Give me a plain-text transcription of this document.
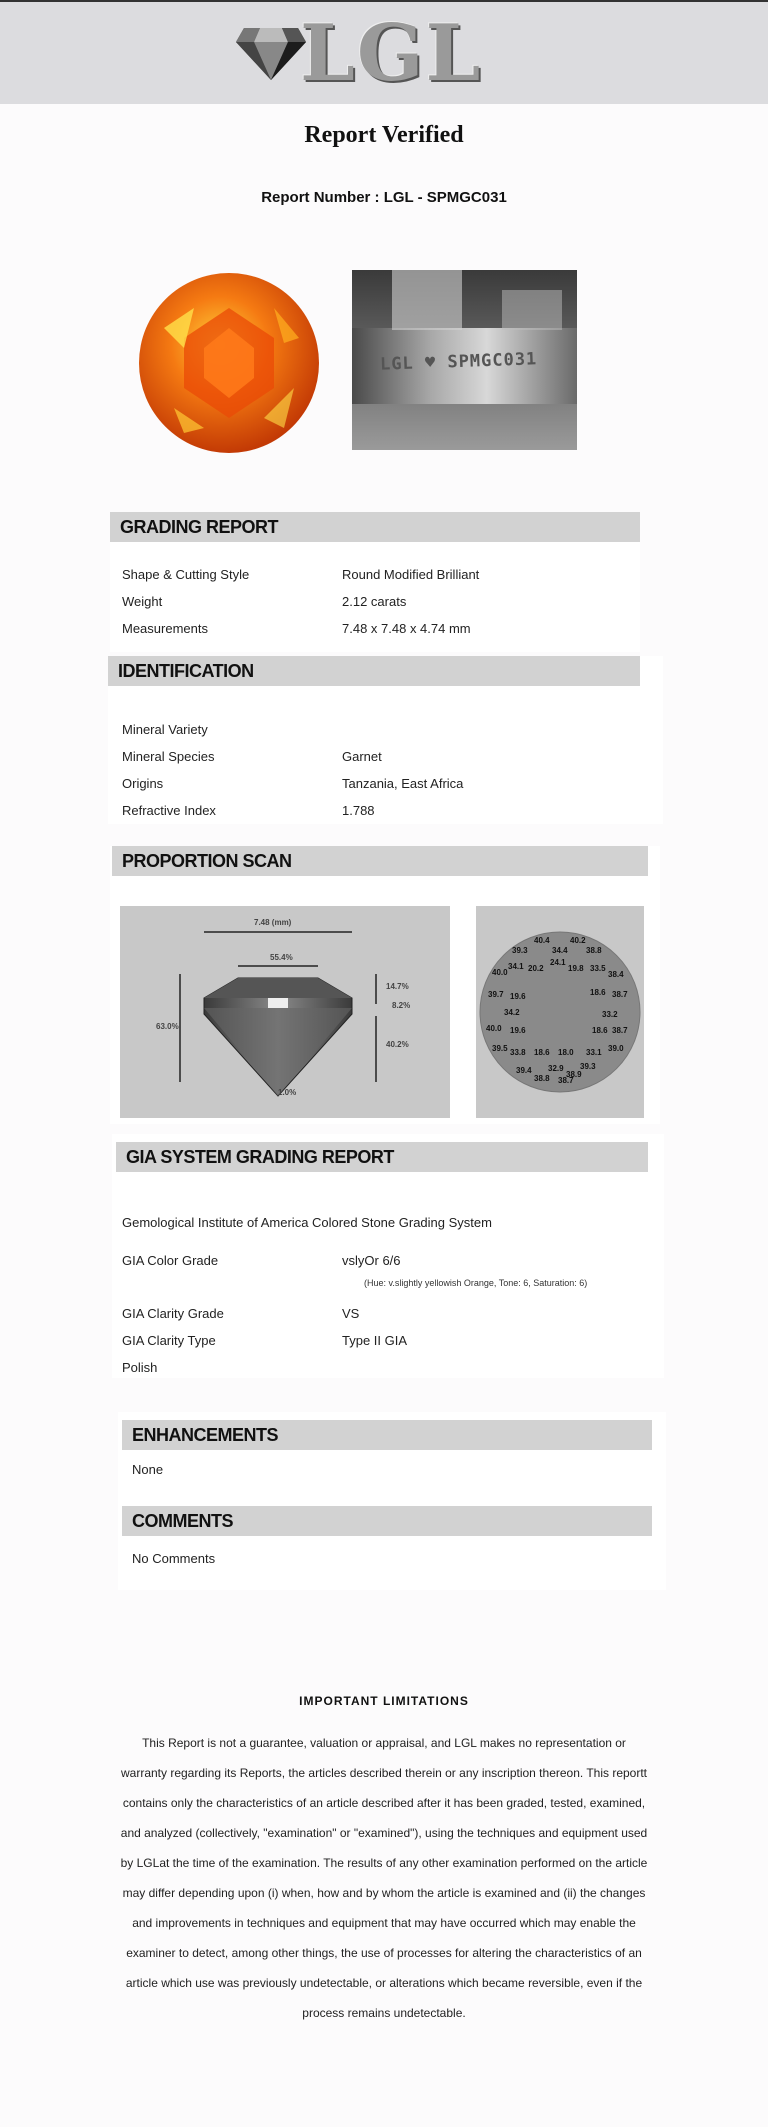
LGL
Report Verified
Report Number : LGL - SPMGC031
LGL ♥ SPMGC031
GRADING REPORT
Shape & Cutting Style	Round Modified Brilliant
Weight	2.12 carats
Measurements	7.48 x 7.48 x 4.74 mm
IDENTIFICATION
Mineral Variety
Mineral Species	Garnet
Origins	Tanzania, East Africa
Refractive Index	1.788
PROPORTION SCAN
7.48 (mm)
55.4%
63.0%
14.7%
8.2%
40.2%
1.0%
40.4	40.2
39.3	34.4 38.8
34.1 20.2
24.1
19.8 33.5
38.4
40.0
39.7 19.6	18.6 38.7
34.2	33.2
40.0 19.6	18.6 38.7
39.5 33.8 18.6 18.0 33.1 39.0
39.4 32.9 39.3
38.8 38.7
38.9
GIA SYSTEM GRADING REPORT
Gemological Institute of America Colored Stone Grading System
GIA Color Grade	vslyOr 6/6
(Hue: v.slightly yellowish Orange, Tone: 6, Saturation: 6)
GIA Clarity Grade	VS
GIA Clarity Type	Type II GIA
Polish
ENHANCEMENTS
None
COMMENTS
No Comments
IMPORTANT LIMITATIONS
This Report is not a guarantee, valuation or appraisal, and LGL makes no representation or warranty regarding its Reports, the articles described therein or any inscription thereon. This reportt contains only the characteristics of an article described after it has been graded, tested, examined, and analyzed (collectively, "examination" or "examined"), using the techniques and equipment used by LGLat the time of the examination. The results of any other examination performed on the article may differ depending upon (i) when, how and by whom the article is examined and (ii) the changes and improvements in techniques and equipment that may have occurred which may enable the examiner to detect, among other things, the use of processes for altering the characteristics of an article which use was previously undetectable, or alterations which became reversible, even if the process remains undetectable.
